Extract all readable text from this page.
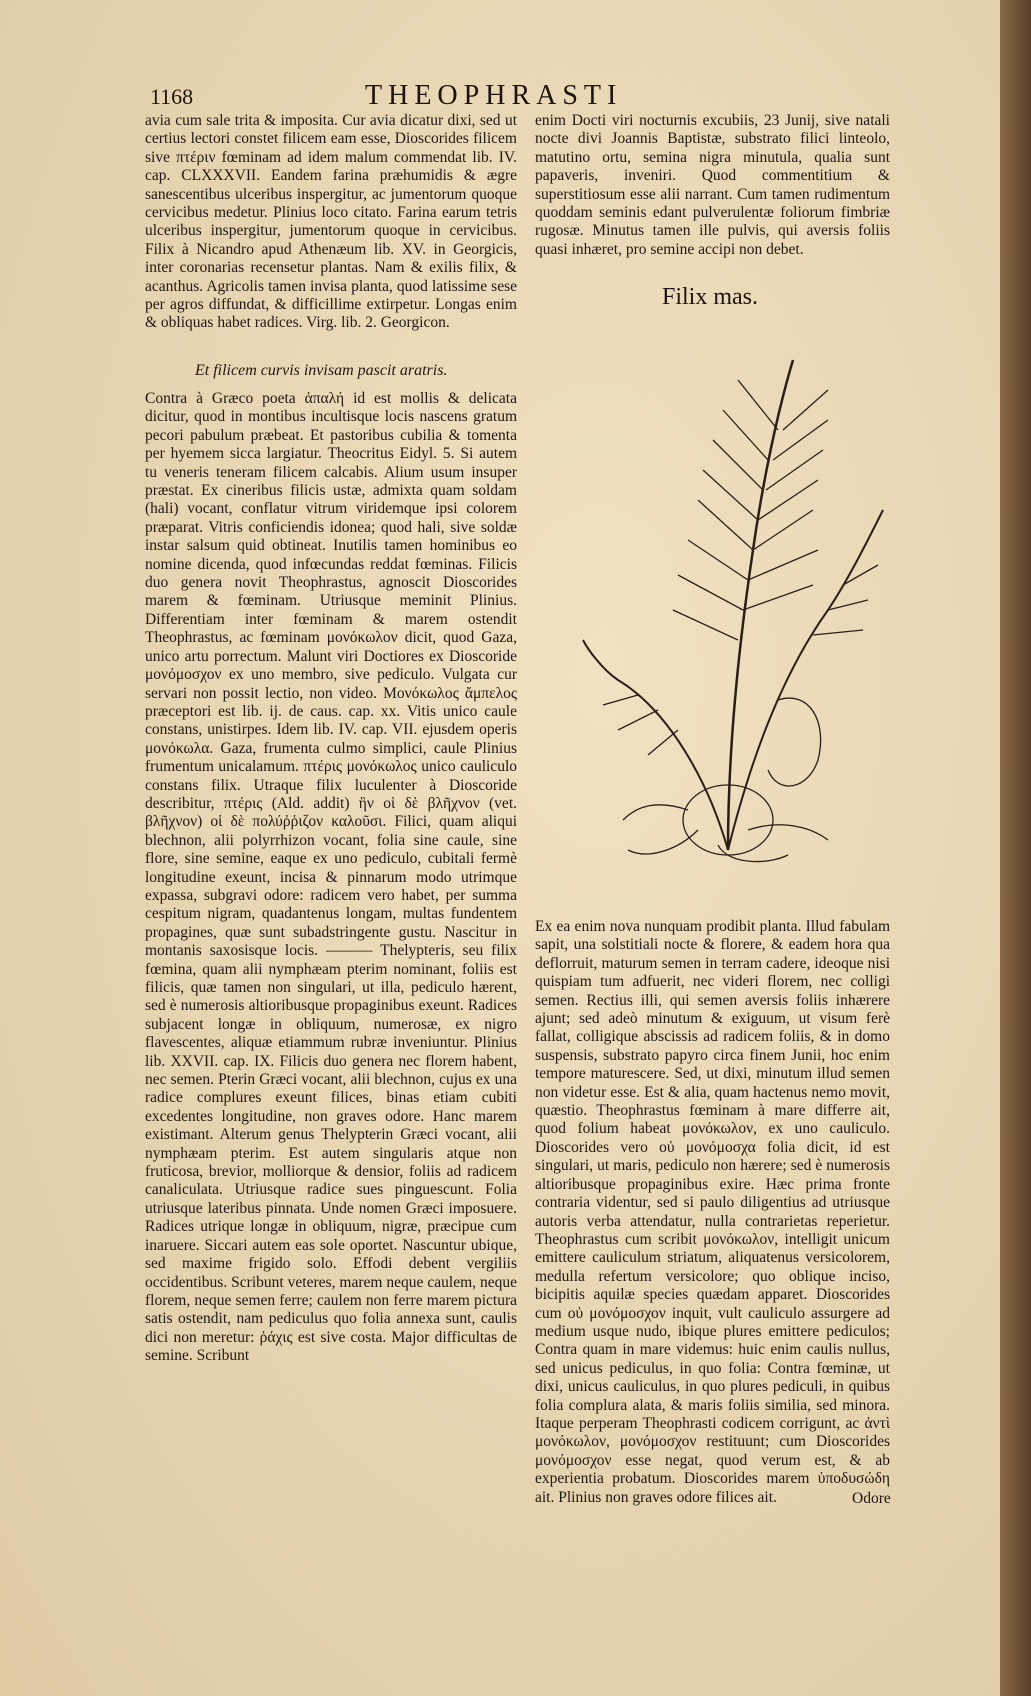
1168	THEOPHRASTI
avia cum sale trita & imposita. Cur avia dicatur dixi, sed ut certius lectori constet filicem eam esse, Dioscorides filicem sive πτέριν fœminam ad idem malum commendat lib. IV. cap. CLXXXVII. Eandem farina præhumidis & ægre sanescentibus ulceribus inspergitur, ac jumentorum quoque cervicibus medetur. Plinius loco citato. Farina earum tetris ulceribus inspergitur, jumentorum quoque in cervicibus. Filix à Nicandro apud Athenæum lib. XV. in Georgicis, inter coronarias recensetur plantas. Nam & exilis filix, & acanthus. Agricolis tamen invisa planta, quod latissime sese per agros diffundat, & difficillime extirpetur. Longas enim & obliquas habet radices. Virg. lib. 2. Georgicon.
Et filicem curvis invisam pascit aratris.
Contra à Græco poeta ἁπαλή id est mollis & delicata dicitur, quod in montibus incultisque locis nascens gratum pecori pabulum præbeat. Et pastoribus cubilia & tomenta per hyemem sicca largiatur. Theocritus Eidyl. 5. Si autem tu veneris teneram filicem calcabis. Alium usum insuper præstat. Ex cineribus filicis ustæ, admixta quam soldam (hali) vocant, conflatur vitrum viridemque ipsi colorem præparat. Vitris conficiendis idonea; quod hali, sive soldæ instar salsum quid obtineat. Inutilis tamen hominibus eo nomine dicenda, quod infœcundas reddat fœminas. Filicis duo genera novit Theophrastus, agnoscit Dioscorides marem & fœminam. Utriusque meminit Plinius. Differentiam inter fœminam & marem ostendit Theophrastus, ac fœminam μονόκωλον dicit, quod Gaza, unico artu porrectum. Malunt viri Doctiores ex Dioscoride μονόμοσχον ex uno membro, sive pediculo. Vulgata cur servari non possit lectio, non video. Μονόκωλος ἄμπελος præceptori est lib. ij. de caus. cap. xx. Vitis unico caule constans, unistirpes. Idem lib. IV. cap. VII. ejusdem operis μονόκωλα. Gaza, frumenta culmo simplici, caule Plinius frumentum unicalamum. πτέρις μονόκωλος unico cauliculo constans filix. Utraque filix luculenter à Dioscoride describitur, πτέρις (Ald. addit) ἣν οἱ δὲ βλῆχνον (vet. βλῆχνον) οἱ δὲ πολύῤῥιζον καλοῦσι. Filici, quam aliqui blechnon, alii polyrrhizon vocant, folia sine caule, sine flore, sine semine, eaque ex uno pediculo, cubitali fermè longitudine exeunt, incisa & pinnarum modo utrimque expassa, subgravi odore: radicem vero habet, per summa cespitum nigram, quadantenus longam, multas fundentem propagines, quæ sunt subadstringente gustu. Nascitur in montanis saxosisque locis. ——— Thelypteris, seu filix fœmina, quam alii nymphæam pterim nominant, foliis est filicis, quæ tamen non singulari, ut illa, pediculo hærent, sed è numerosis altioribusque propaginibus exeunt. Radices subjacent longæ in obliquum, numerosæ, ex nigro flavescentes, aliquæ etiammum rubræ inveniuntur. Plinius lib. XXVII. cap. IX. Filicis duo genera nec florem habent, nec semen. Pterin Græci vocant, alii blechnon, cujus ex una radice complures exeunt filices, binas etiam cubiti excedentes longitudine, non graves odore. Hanc marem existimant. Alterum genus Thelypterin Græci vocant, alii nymphæam pterim. Est autem singularis atque non fruticosa, brevior, molliorque & densior, foliis ad radicem canaliculata. Utriusque radice sues pinguescunt. Folia utriusque lateribus pinnata. Unde nomen Græci imposuere. Radices utrique longæ in obliquum, nigræ, præcipue cum inaruere. Siccari autem eas sole oportet. Nascuntur ubique, sed maxime frigido solo. Effodi debent vergiliis occidentibus. Scribunt veteres, marem neque caulem, neque florem, neque semen ferre; caulem non ferre marem pictura satis ostendit, nam pediculus quo folia annexa sunt, caulis dici non meretur: ῥάχις est sive costa. Major difficultas de semine. Scribunt
enim Docti viri nocturnis excubiis, 23 Junij, sive natali nocte divi Joannis Baptistæ, substrato filici linteolo, matutino ortu, semina nigra minutula, qualia sunt papaveris, inveniri. Quod commentitium & superstitiosum esse alii narrant. Cum tamen rudimentum quoddam seminis edant pulverulentæ foliorum fimbriæ rugosæ. Minutus tamen ille pulvis, qui aversis foliis quasi inhæret, pro semine accipi non debet.
Filix mas.
Ex ea enim nova nunquam prodibit planta. Illud fabulam sapit, una solstitiali nocte & florere, & eadem hora qua deflorruit, maturum semen in terram cadere, ideoque nisi quispiam tum adfuerit, nec videri florem, nec colligi semen. Rectius illi, qui semen aversis foliis inhærere ajunt; sed adeò minutum & exiguum, ut visum ferè fallat, colligique abscissis ad radicem foliis, & in domo suspensis, substrato papyro circa finem Junii, hoc enim tempore maturescere. Sed, ut dixi, minutum illud semen non videtur esse. Est & alia, quam hactenus nemo movit, quæstio. Theophrastus fœminam à mare differre ait, quod folium habeat μονόκωλον, ex uno cauliculo. Dioscorides vero οὐ μονόμοσχα folia dicit, id est singulari, ut maris, pediculo non hærere; sed è numerosis altioribusque propaginibus exire. Hæc prima fronte contraria videntur, sed si paulo diligentius ad utriusque autoris verba attendatur, nulla contrarietas reperietur. Theophrastus cum scribit μονόκωλον, intelligit unicum emittere cauliculum striatum, aliquatenus versicolorem, medulla refertum versicolore; quo oblique inciso, bicipitis aquilæ species quædam apparet. Dioscorides cum οὐ μονόμοσχον inquit, vult cauliculo assurgere ad medium usque nudo, ibique plures emittere pediculos; Contra quam in mare videmus: huic enim caulis nullus, sed unicus pediculus, in quo folia: Contra fœminæ, ut dixi, unicus cauliculus, in quo plures pediculi, in quibus folia complura alata, & maris foliis similia, sed minora. Itaque perperam Theophrasti codicem corrigunt, ac ἀντὶ μονόκωλον, μονόμοσχον restituunt; cum Dioscorides μονόμοσχον esse negat, quod verum est, & ab experientia probatum. Dioscorides marem ὑποδυσώδη ait. Plinius non graves odore filices ait.	Odore
